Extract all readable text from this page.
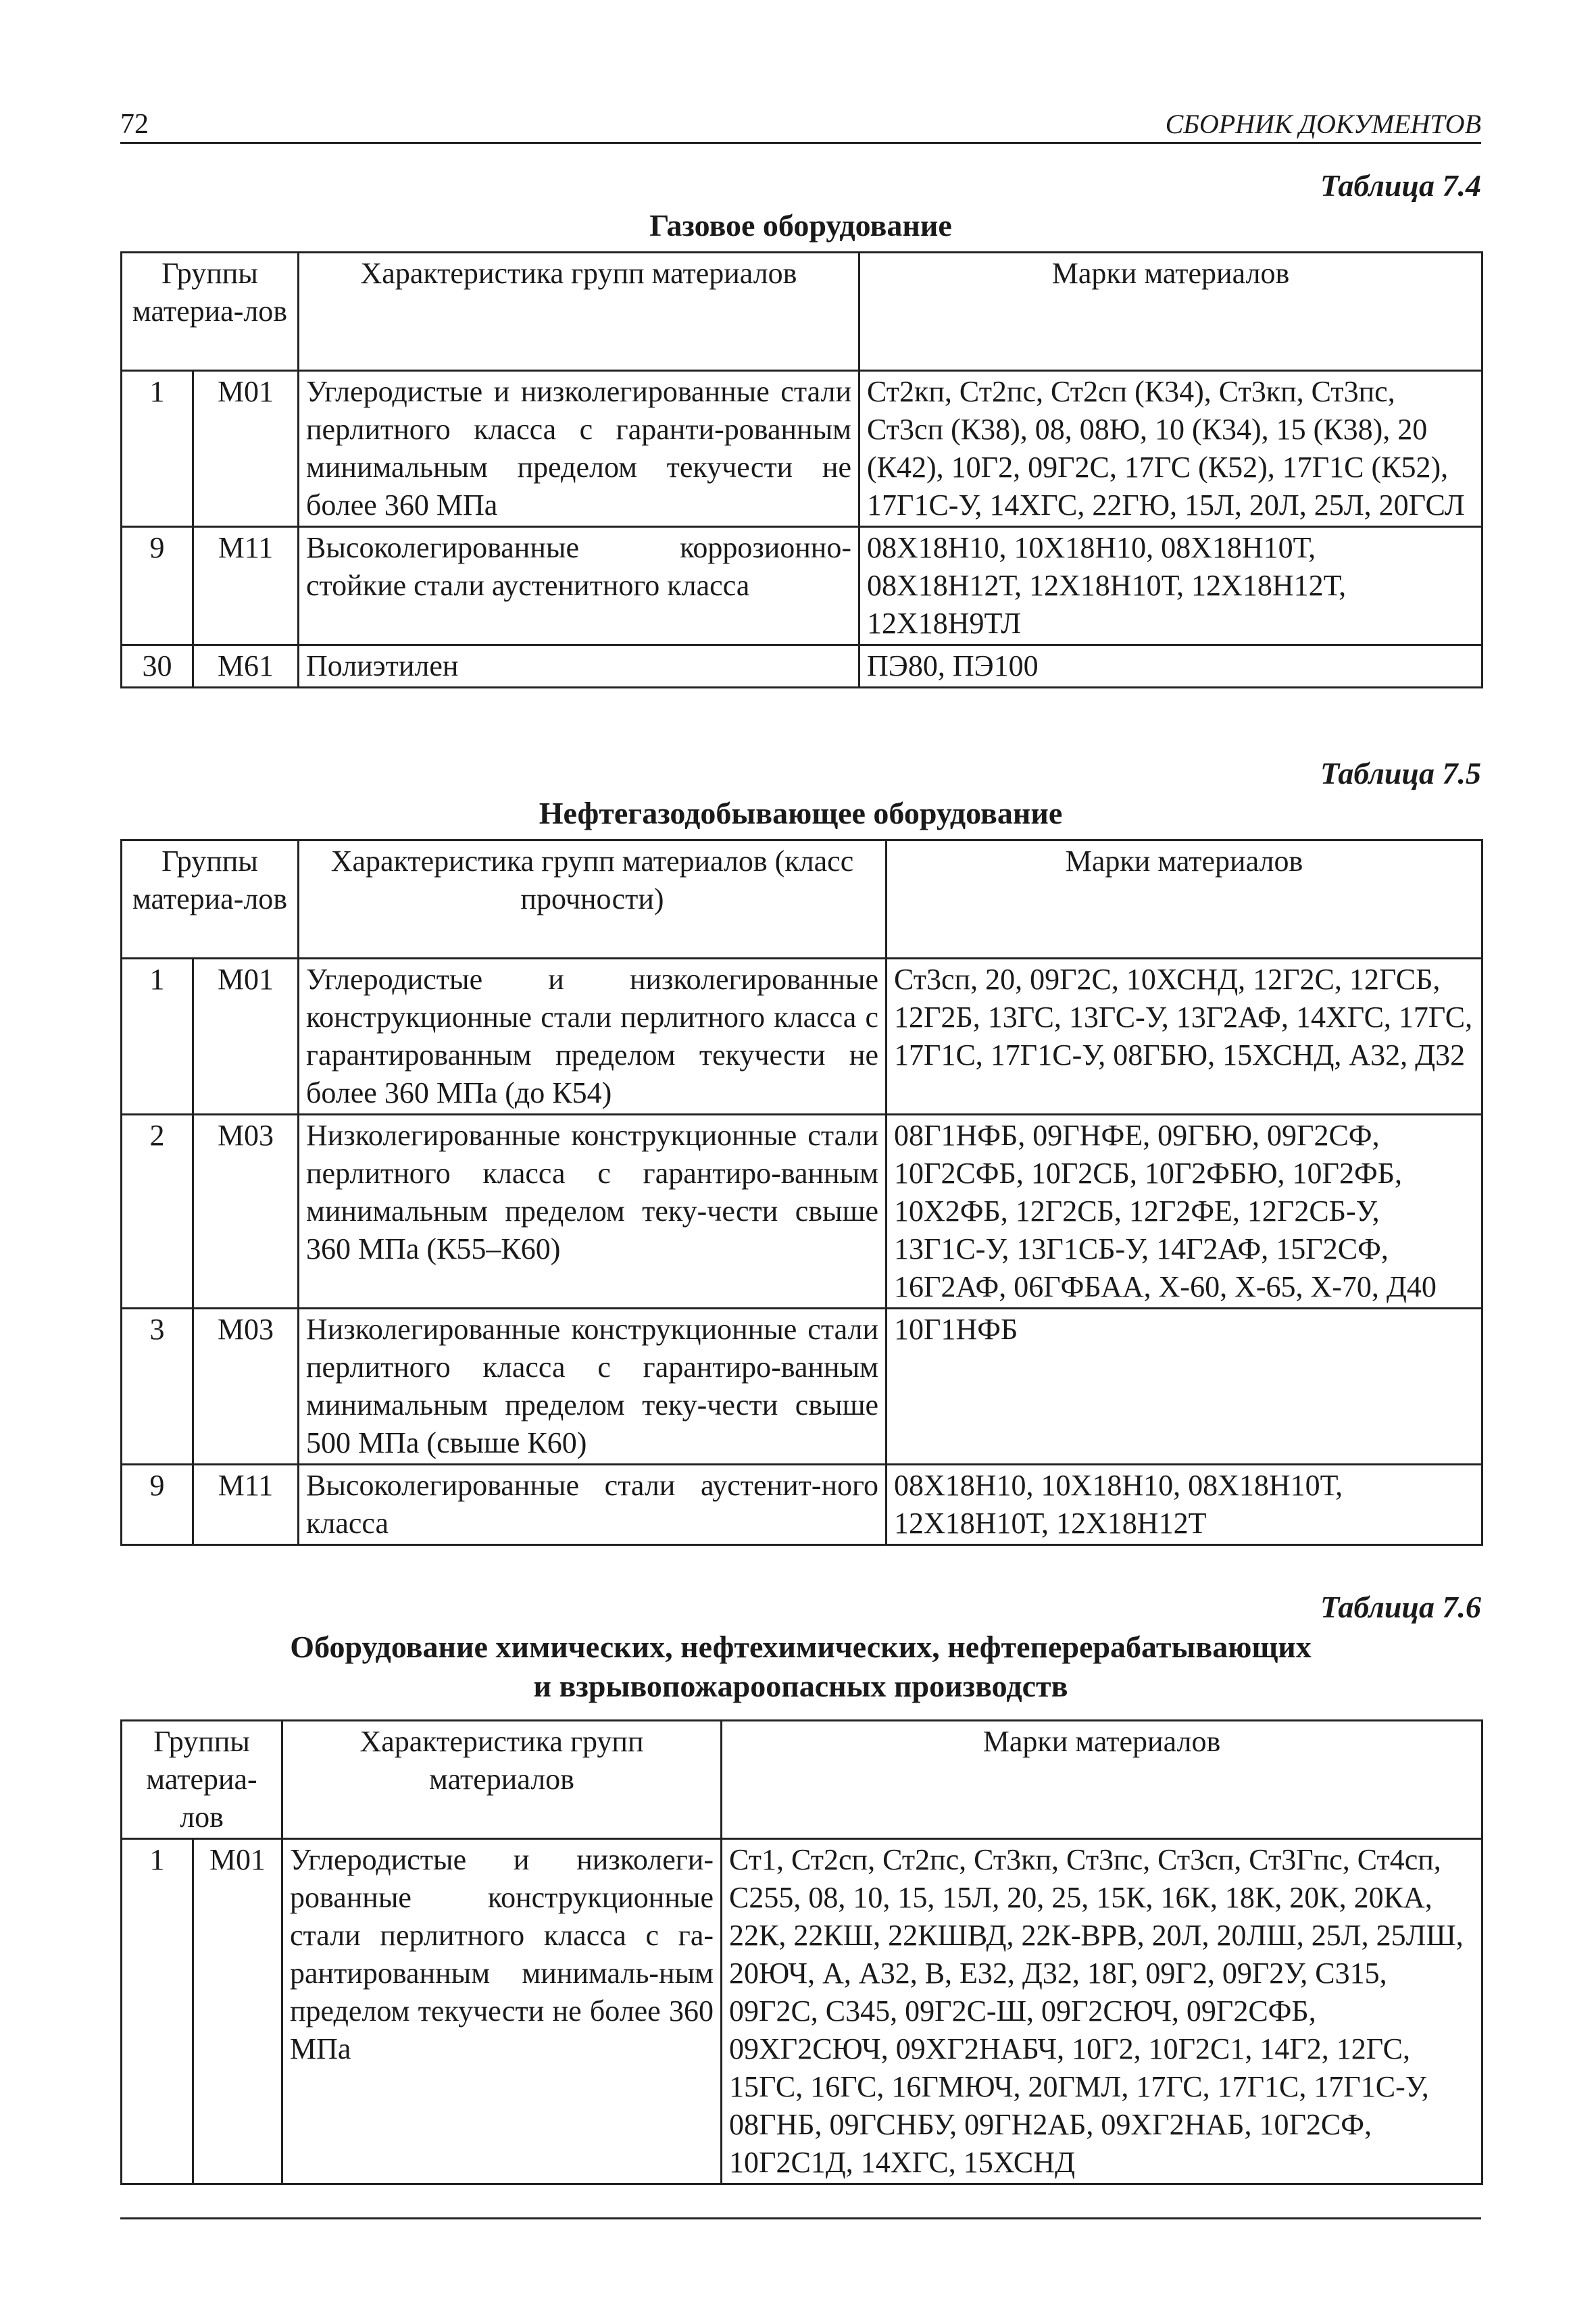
72	СБОРНИК ДОКУМЕНТОВ
Таблица 7.4
Газовое оборудование
Группы материа-лов		Характеристика групп материалов	Марки материалов
1	M01	Углеродистые и низколегированные стали перлитного класса с гаранти-рованным минимальным пределом текучести не более 360 МПа	Ст2кп, Ст2пс, Ст2сп (К34), Ст3кп, Ст3пс, Ст3сп (К38), 08, 08Ю, 10 (К34), 15 (К38), 20 (К42), 10Г2, 09Г2С, 17ГС (К52), 17Г1С (К52), 17Г1С-У, 14ХГС, 22ГЮ, 15Л, 20Л, 25Л, 20ГСЛ
9	M11	Высоколегированные коррозионно-стойкие стали аустенитного класса	08Х18Н10, 10Х18Н10, 08Х18Н10Т, 08Х18Н12Т, 12Х18Н10Т, 12Х18Н12Т, 12Х18Н9ТЛ
30	M61	Полиэтилен	ПЭ80, ПЭ100
Таблица 7.5
Нефтегазодобывающее оборудование
Группы материа-лов		Характеристика групп материалов (класс прочности)	Марки материалов
1	M01	Углеродистые и низколегированные конструкционные стали перлитного класса с гарантированным пределом текучести не более 360 МПа (до К54)	Ст3сп, 20, 09Г2С, 10ХСНД, 12Г2С, 12ГСБ, 12Г2Б, 13ГС, 13ГС-У, 13Г2АФ, 14ХГС, 17ГС, 17Г1С, 17Г1С-У, 08ГБЮ, 15ХСНД, А32, Д32
2	M03	Низколегированные конструкционные стали перлитного класса с гарантиро-ванным минимальным пределом теку-чести свыше 360 МПа (К55–К60)	08Г1НФБ, 09ГНФЕ, 09ГБЮ, 09Г2СФ, 10Г2СФБ, 10Г2СБ, 10Г2ФБЮ, 10Г2ФБ, 10Х2ФБ, 12Г2СБ, 12Г2ФЕ, 12Г2СБ-У, 13Г1С-У, 13Г1СБ-У, 14Г2АФ, 15Г2СФ, 16Г2АФ, 06ГФБАА, Х-60, Х-65, Х-70, Д40
3	M03	Низколегированные конструкционные стали перлитного класса с гарантиро-ванным минимальным пределом теку-чести свыше 500 МПа (свыше К60)	10Г1НФБ
9	M11	Высоколегированные стали аустенит-ного класса	08Х18Н10, 10Х18Н10, 08Х18Н10Т, 12Х18Н10Т, 12Х18Н12Т
Таблица 7.6
Оборудование химических, нефтехимических, нефтеперерабатывающих
и взрывопожароопасных производств
Группы материа-лов		Характеристика групп материалов	Марки материалов
1	M01	Углеродистые и низколеги-рованные конструкционные стали перлитного класса с га-рантированным минималь-ным пределом текучести не более 360 МПа	Ст1, Ст2сп, Ст2пс, Ст3кп, Ст3пс, Ст3сп, Ст3Гпс, Ст4сп, С255, 08, 10, 15, 15Л, 20, 25, 15К, 16К, 18К, 20К, 20КА, 22К, 22КШ, 22КШВД, 22К-ВРВ, 20Л, 20ЛШ, 25Л, 25ЛШ, 20ЮЧ, А, А32, В, Е32, Д32, 18Г, 09Г2, 09Г2У, С315, 09Г2С, С345, 09Г2С-Ш, 09Г2СЮЧ, 09Г2СФБ, 09ХГ2СЮЧ, 09ХГ2НАБЧ, 10Г2, 10Г2С1, 14Г2, 12ГС, 15ГС, 16ГС, 16ГМЮЧ, 20ГМЛ, 17ГС, 17Г1С, 17Г1С-У, 08ГНБ, 09ГСНБУ, 09ГН2АБ, 09ХГ2НАБ, 10Г2СФ, 10Г2С1Д, 14ХГС, 15ХСНД
